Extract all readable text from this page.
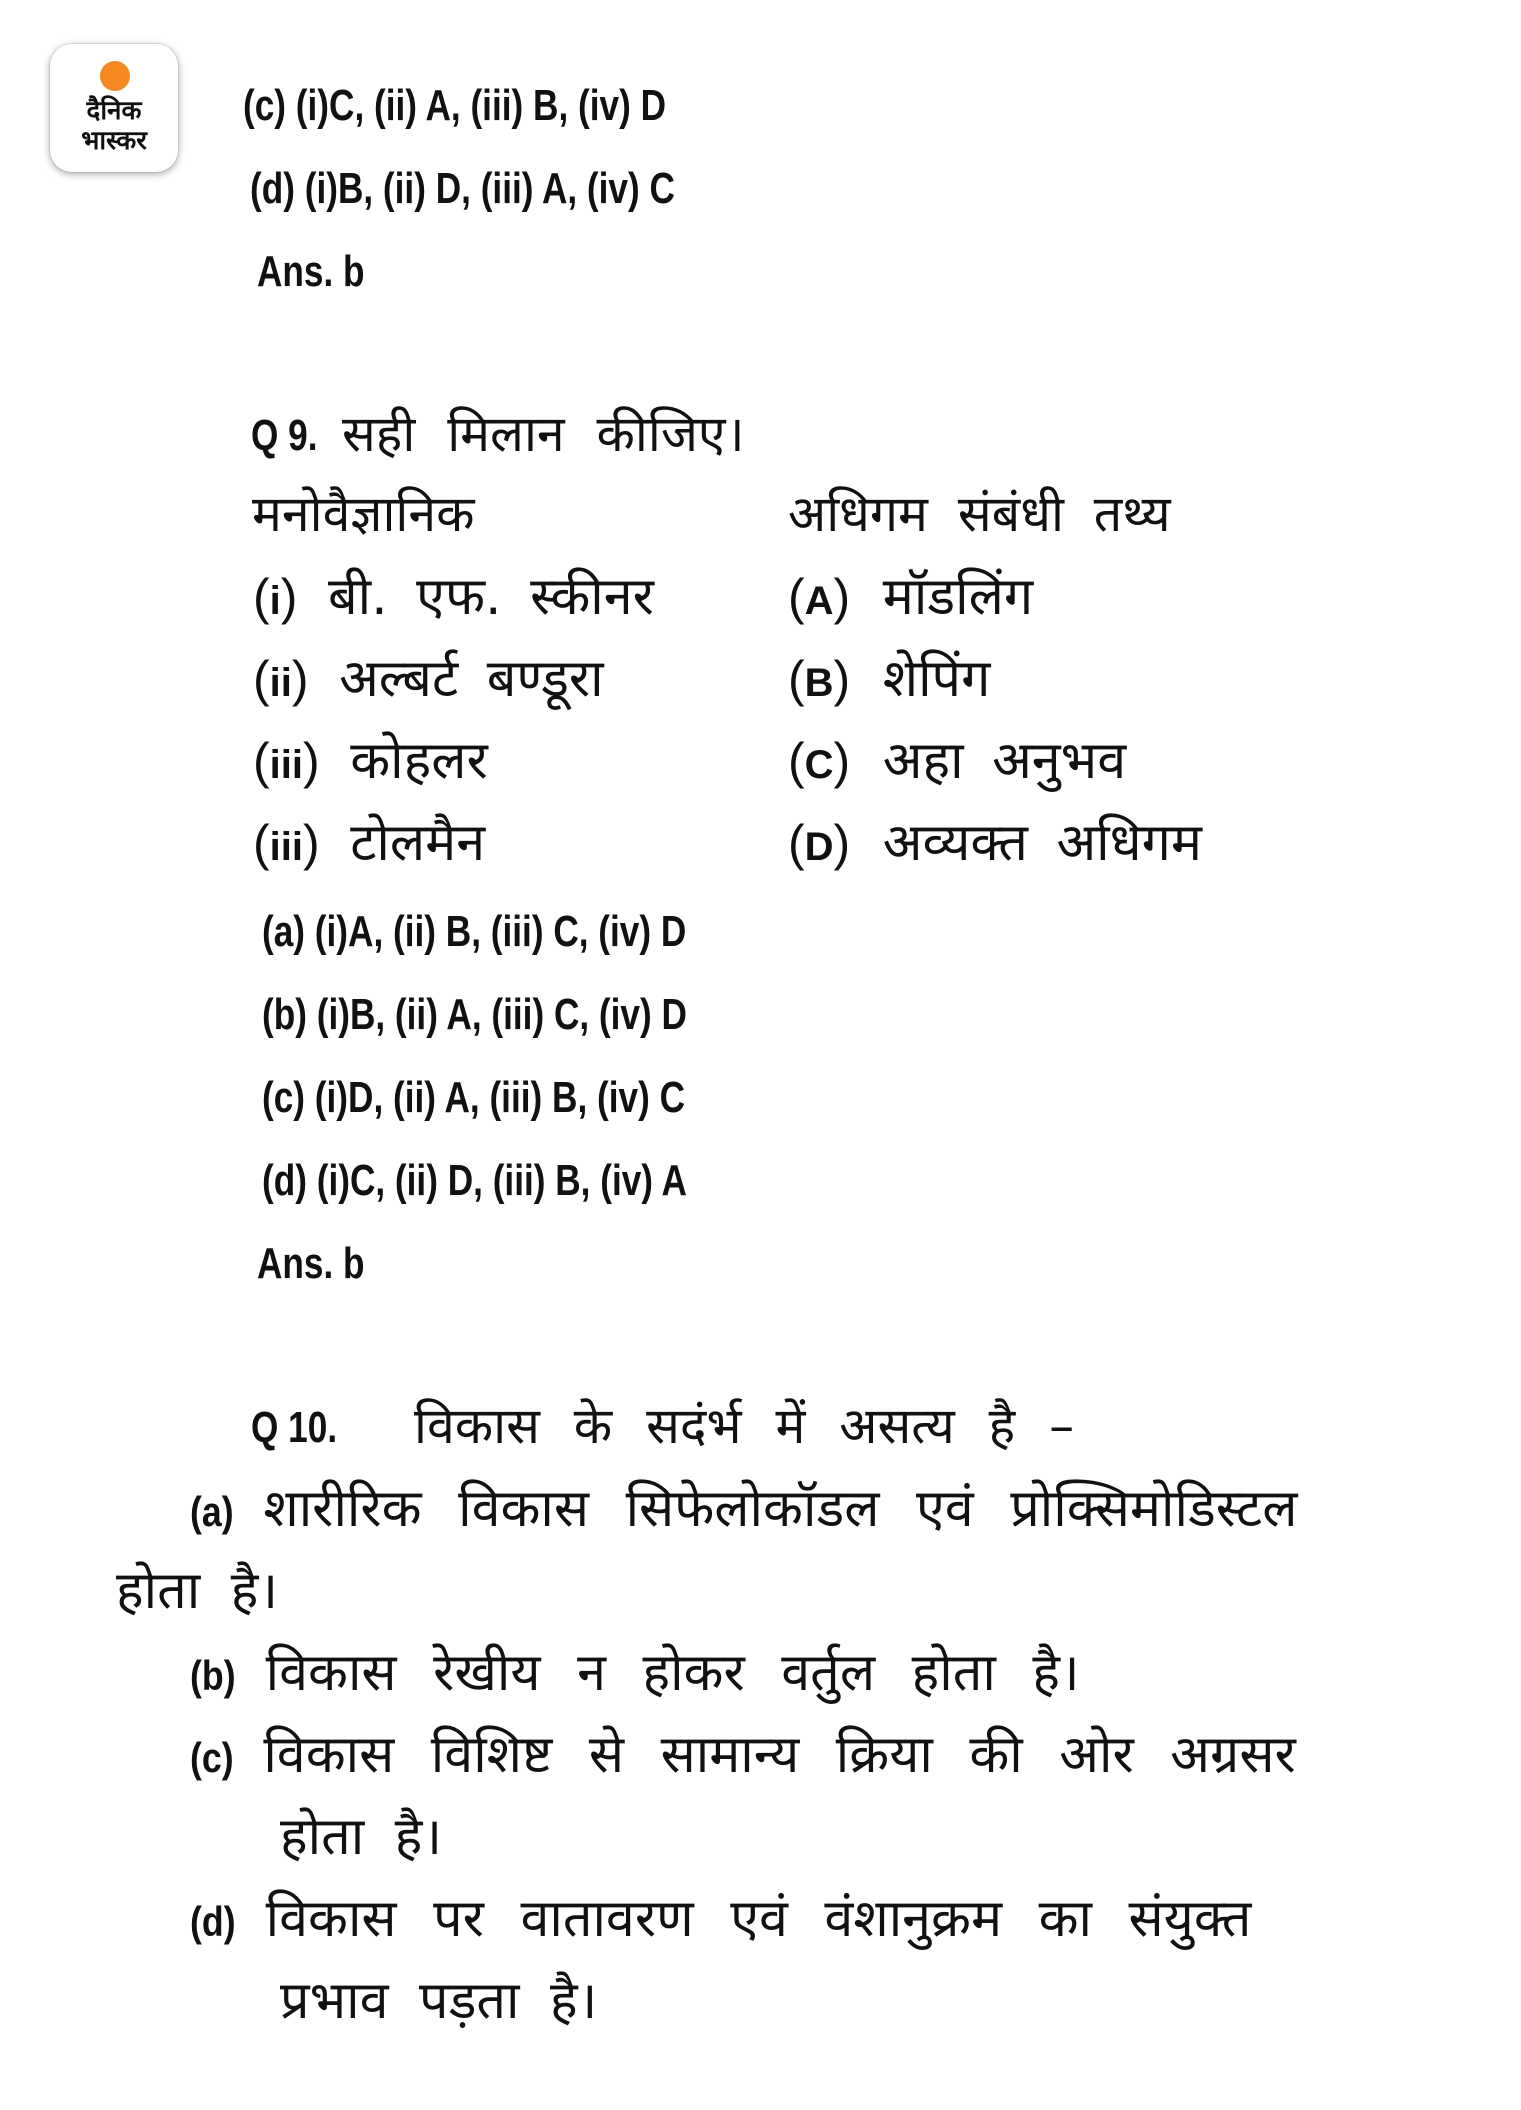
दैनिक
भास्कर
(c) (i)C, (ii) A, (iii) B, (iv) D
(d) (i)B, (ii) D, (iii) A, (iv) C
Ans. b
Q 9. सही मिलान कीजिए।
मनोवैज्ञानिक	अधिगम संबंधी तथ्य
(i) बी. एफ. स्कीनर	(A) मॉडलिंग
(ii) अल्बर्ट बण्डूरा	(B) शेपिंग
(iii) कोहलर	(C) अहा अनुभव
(iii) टोलमैन	(D) अव्यक्त अधिगम
(a) (i)A, (ii) B, (iii) C, (iv) D
(b) (i)B, (ii) A, (iii) C, (iv) D
(c) (i)D, (ii) A, (iii) B, (iv) C
(d) (i)C, (ii) D, (iii) B, (iv) A
Ans. b
Q 10. विकास के सदंर्भ में असत्य है –
(a) शारीरिक विकास सिफेलोकॉडल एवं प्रोक्सिमोडिस्टल
होता है।
(b) विकास रेखीय न होकर वर्तुल होता है।
(c) विकास विशिष्ट से सामान्य क्रिया की ओर अग्रसर
होता है।
(d) विकास पर वातावरण एवं वंशानुक्रम का संयुक्त
प्रभाव पड़ता है।
